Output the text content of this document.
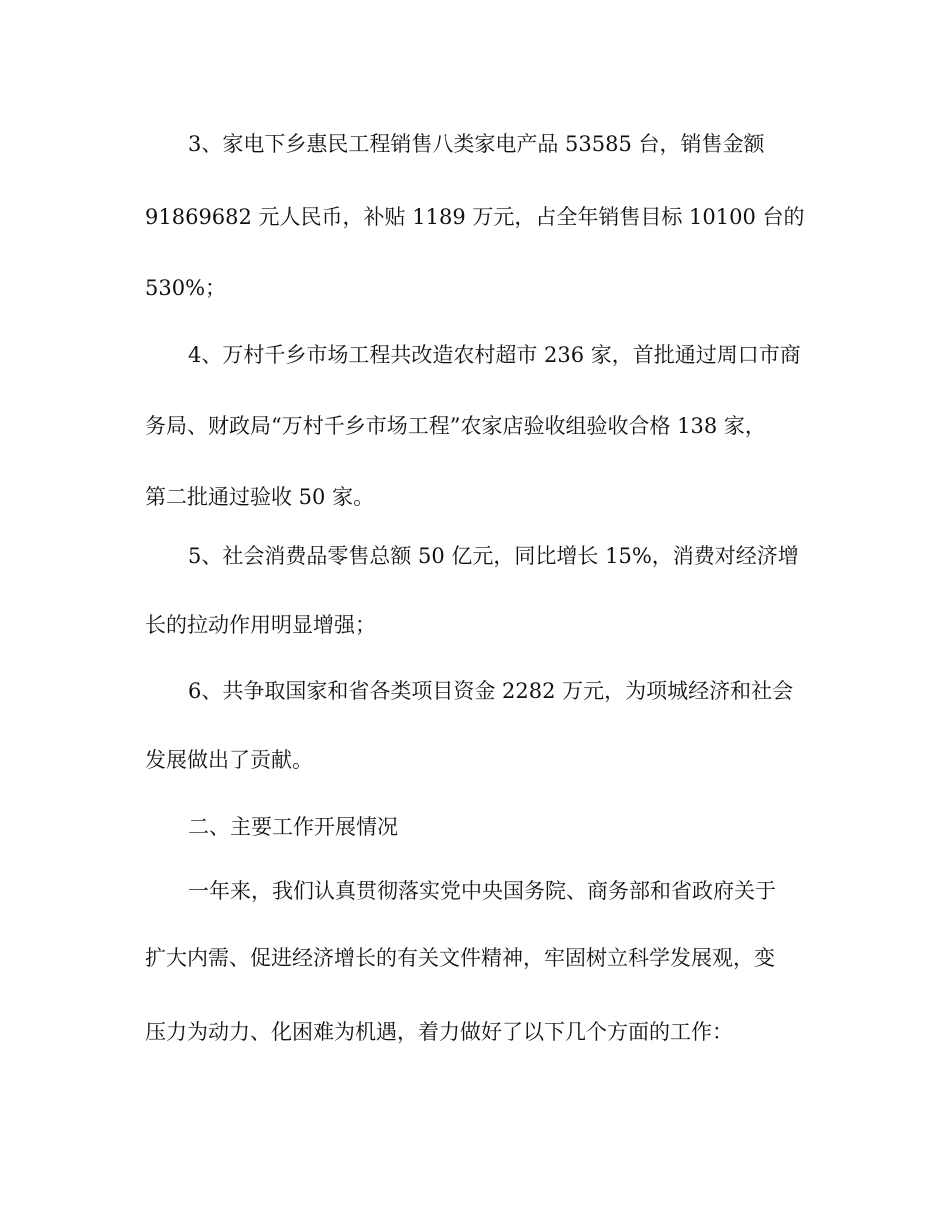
3、家电下乡惠民工程销售八类家电产品 53585 台，销售金额

91869682 元人民币，补贴 1189 万元，占全年销售目标 10100 台的

530%；

4、万村千乡市场工程共改造农村超市 236 家，首批通过周口市商

务局、财政局“万村千乡市场工程”农家店验收组验收合格 138 家，

第二批通过验收 50 家。

5、社会消费品零售总额 50 亿元，同比增长 15%，消费对经济增

长的拉动作用明显增强；

6、共争取国家和省各类项目资金 2282 万元，为项城经济和社会

发展做出了贡献。

二、主要工作开展情况

一年来，我们认真贯彻落实党中央国务院、商务部和省政府关于

扩大内需、促进经济增长的有关文件精神，牢固树立科学发展观，变

压力为动力、化困难为机遇，着力做好了以下几个方面的工作：
